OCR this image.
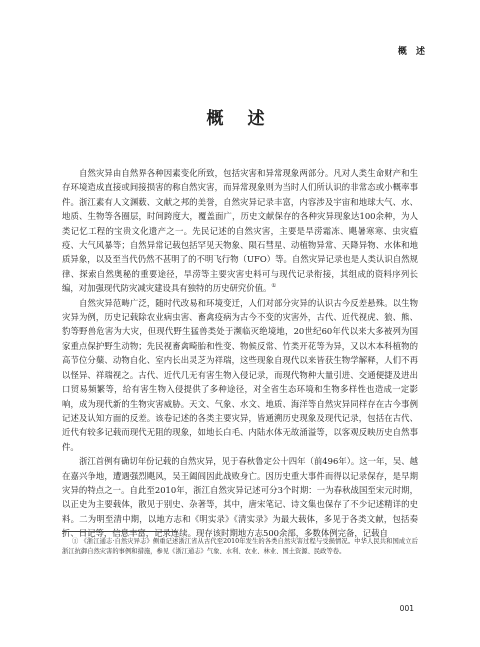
概 述
概 述

自然灾异由自然界各种因素变化所致，包括灾害和异常现象两部分。凡对人类生命财产和生存环境造成直接或间接损害的称自然灾害，而异常现象则为当时人们所认识的非常态或小概率事件。浙江素有人文渊薮、文献之邦的美誉，自然灾异记录丰富，内容涉及宇宙和地球大气、水、地质、生物等各圈层，时间跨度大，覆盖面广，历史文献保存的各种灾异现象达100余种，为人类记忆工程的宝贵文化遗产之一。先民记述的自然灾害，主要是旱涝霜冻、飓暑寒寒、虫灾瘟疫、大气风暴等；自然异常记载包括罕见天物象、陨石彗星、动植物异常、天降异物、水体和地质异象，以及至当代仍然不甚明了的不明飞行物（UFO）等。自然灾异记录也是人类认识自然规律、探索自然奥秘的重要途径，旱涝等主要灾害史料可与现代记录衔接，其组成的资料序列长编，对加强现代防灾减灾建设具有独特的历史研究价值。①

自然灾异范畴广泛，随时代改易和环境变迁，人们对部分灾异的认识古今反差悬殊。以生物灾异为例，历史记载除农业病虫害、畜禽疫病为古今不变的灾害外，古代、近代视虎、狼、熊、豹等野兽危害为大灾，但现代野生猛兽类处于濒临灭绝境地，20世纪60年代以来大多被列为国家重点保护野生动物；先民视畜禽畸胎和性变、物候反常、竹类开花等为异，又以木本科植物的高节位分蘖、动物自化、室内长出灵芝为祥瑞，这些现象自现代以来皆获生物学解释，人们不再以怪异、祥瑞视之。古代、近代几无有害生物入侵记录，而现代物种大量引进、交通便捷及进出口贸易频繁等，给有害生物入侵提供了多种途径，对全省生态环境和生物多样性也造成一定影响，成为现代新的生物灾害威胁。天文、气象、水文、地质、海洋等自然灾异同样存在古今事例记述及认知方面的反差。该卷记述的各类主要灾异，皆通溯历史现象及现代记录，包括在古代、近代有较多记载而现代无阻的现象，如地长白毛、内陆水体无故涌溢等，以客观反映历史自然事件。

浙江首例有确切年份记载的自然灾异，见于春秋鲁定公十四年（前496年）。这一年，吴、越在嘉兴争地，遭遇强烈飓风，吴王阖闾因此战败身亡。因历史重大事件而得以记录保存，是早期灾异的特点之一。自此至2010年，浙江自然灾异记述可分3个时期：一为春秋战国至宋元时期，以正史为主要载体，散见于别史、杂著等，其中，唐宋笔记、诗文集也保存了不少记述精详的史料。二为明至清中期，以地方志和《明实录》《清实录》为最大载体，多见于各类文献，包括奏折、日记等，信息丰富，记录连续。现存该时期地方志500余部，多数体例完备，记载自

① 《浙江通志·自然灾异志》侧重记述浙江省从古代至2010年发生的各类自然灾害过程与受损情况。中华人民共和国成立后浙江抗御自然灾害的事例和措施，参见《浙江通志》气象、水利、农业、林业、国土资源、民政等卷。

001
